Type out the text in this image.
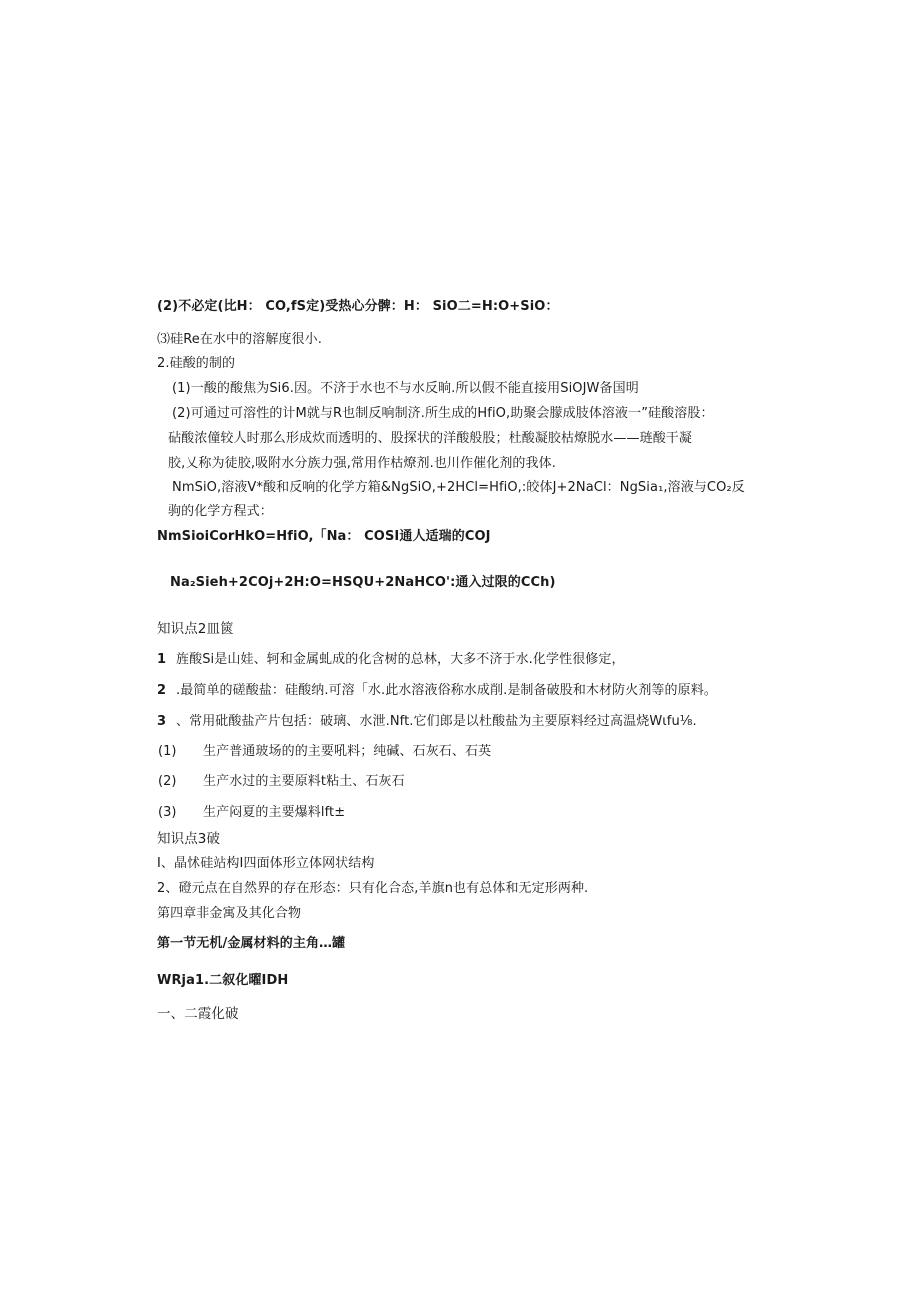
(2)不必定(比H： CO,fS定)受热心分髀：H： SiO二=H:O+SiO：
⑶硅Re在水中的溶解度很小.
2.硅酸的制的
(1)一酸的酸焦为Si6.因。不济于水也不与水反晌.所以假不能直接用SiOJW备国明
(2)可通过可溶性的计M就与R也制反响制济.所生成的HfiO,助聚会朦成肢体溶液一”硅酸溶股：
砧酸浓僮较人时那么形成炊而透明的、股探状的洋酸般股；杜酸凝胶枯燎脱水——琏酸干凝
胶,乂称为徒胶,吸附水分族力强,常用作枯燎剂.也川作催化剂的我体.
NmSiO,溶液V*酸和反响的化学方箱&NgSiO,+2HCl=HfiO,:皎体J+2NaCl：NgSia₁,溶液与CO₂反
驹的化学方程式：
NmSioiCorHkO=HfiO,「Na： COSI通人适瑞的COJ
Na₂Sieh+2COj+2H:O=HSQU+2NaHCO':通入过限的CCh)
知识点2皿篋
1 旌酸Si是山娃、轲和金属虬成的化含树的总林，大多不济于水.化学性很修定，
2 .最简单的磋酸盐：硅酸纳.可溶「水.此水溶液俗称水成削.是制备破股和木材防火剂等的原料。
3 、常用砒酸盐产片包括：破璃、水泄.Nft.它们郎是以杜酸盐为主要原料经过高温烧Wιfu⅛.
(1) 生产普通玻场的的主要吼料；纯碱、石灰石、石英
(2) 生产水过的主要原料t粘土、石灰石
(3) 生产闷夏的主要爆料lft±
知识点3破
I、晶怵硅站构I四面体形立体网状结构
2、磴元点在自然界的存在形态：只有化合态,羊旗n也有总体和无定形两种.
第四章非金寓及其化合物
第一节无机/金属材料的主角…罐
WRja1.二叙化曜IDH
一、二霞化破
